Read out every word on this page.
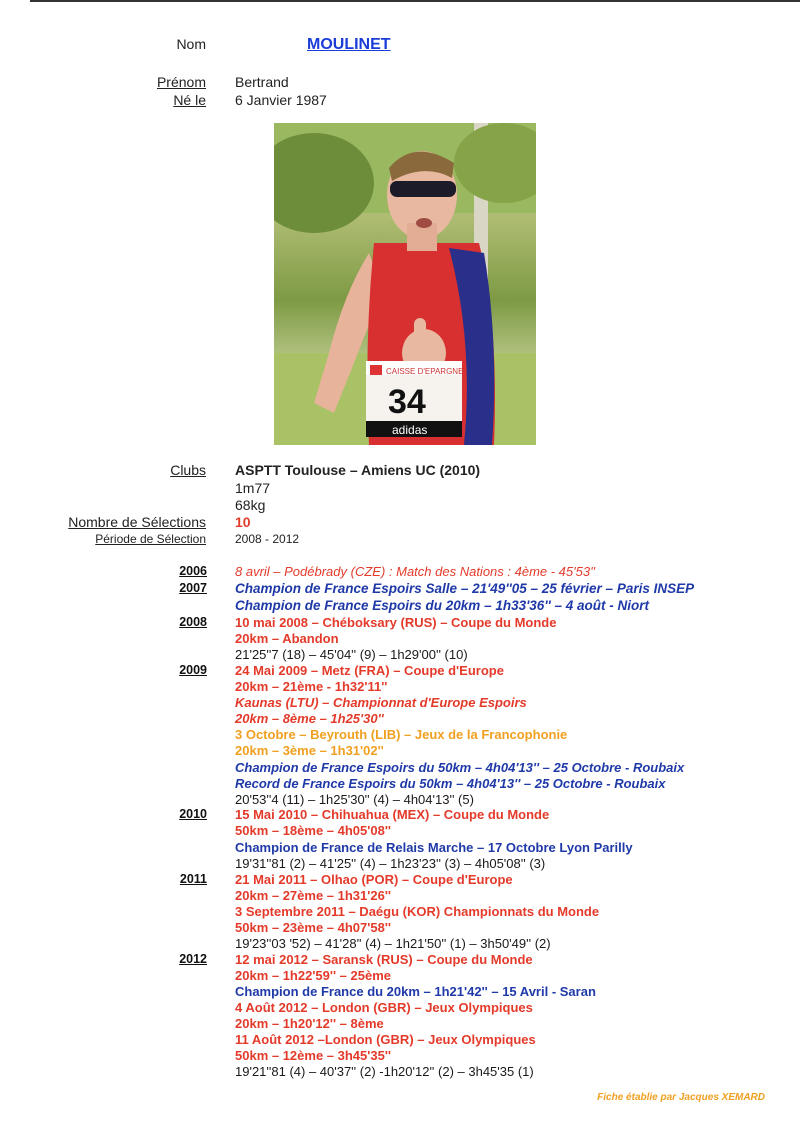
Nom	MOULINET
Prénom Bertrand
Né le 6 Janvier 1987
CAISSE D'EPARGNE
34
adidas
Clubs ASPTT Toulouse – Amiens UC (2010)
1m77
68kg
Nombre de Sélections 10
Période de Sélection 2008 - 2012
2006
2007
2008
2009
2010
2011
2012
8 avril – Podébrady (CZE) : Match des Nations : 4ème - 45'53''
Champion de France Espoirs Salle – 21'49''05 – 25 février – Paris INSEP
Champion de France Espoirs du 20km – 1h33'36'' – 4 août - Niort
10 mai 2008 – Chéboksary (RUS) – Coupe du Monde
20km – Abandon
21'25''7 (18) – 45'04'' (9) – 1h29'00'' (10)
24 Mai 2009 – Metz (FRA) – Coupe d'Europe
20km – 21ème - 1h32'11''
Kaunas (LTU) – Championnat d'Europe Espoirs
20km – 8ème – 1h25'30''
3 Octobre – Beyrouth (LIB) – Jeux de la Francophonie
20km – 3ème – 1h31'02''
Champion de France Espoirs du 50km – 4h04'13'' – 25 Octobre - Roubaix
Record de France Espoirs du 50km – 4h04'13'' – 25 Octobre - Roubaix
20'53''4 (11) – 1h25'30'' (4) – 4h04'13'' (5)
15 Mai 2010 – Chihuahua (MEX) – Coupe du Monde
50km – 18ème – 4h05'08''
Champion de France de Relais Marche – 17 Octobre Lyon Parilly
19'31''81 (2) – 41'25'' (4) – 1h23'23'' (3) – 4h05'08'' (3)
21 Mai 2011 – Olhao (POR) – Coupe d'Europe
20km – 27ème – 1h31'26''
3 Septembre 2011 – Daégu (KOR) Championnats du Monde
50km – 23ème – 4h07'58''
19'23''03 '52) – 41'28'' (4) – 1h21'50'' (1) – 3h50'49'' (2)
12 mai 2012 – Saransk (RUS) – Coupe du Monde
20km – 1h22'59'' – 25ème
Champion de France du 20km – 1h21'42'' – 15 Avril - Saran
4 Août 2012 – London (GBR) – Jeux Olympiques
20km – 1h20'12'' – 8ème
11 Août 2012 –London (GBR) – Jeux Olympiques
50km – 12ème – 3h45'35''
19'21''81 (4) – 40'37'' (2) -1h20'12'' (2) – 3h45'35 (1)
Fiche établie par Jacques XEMARD
